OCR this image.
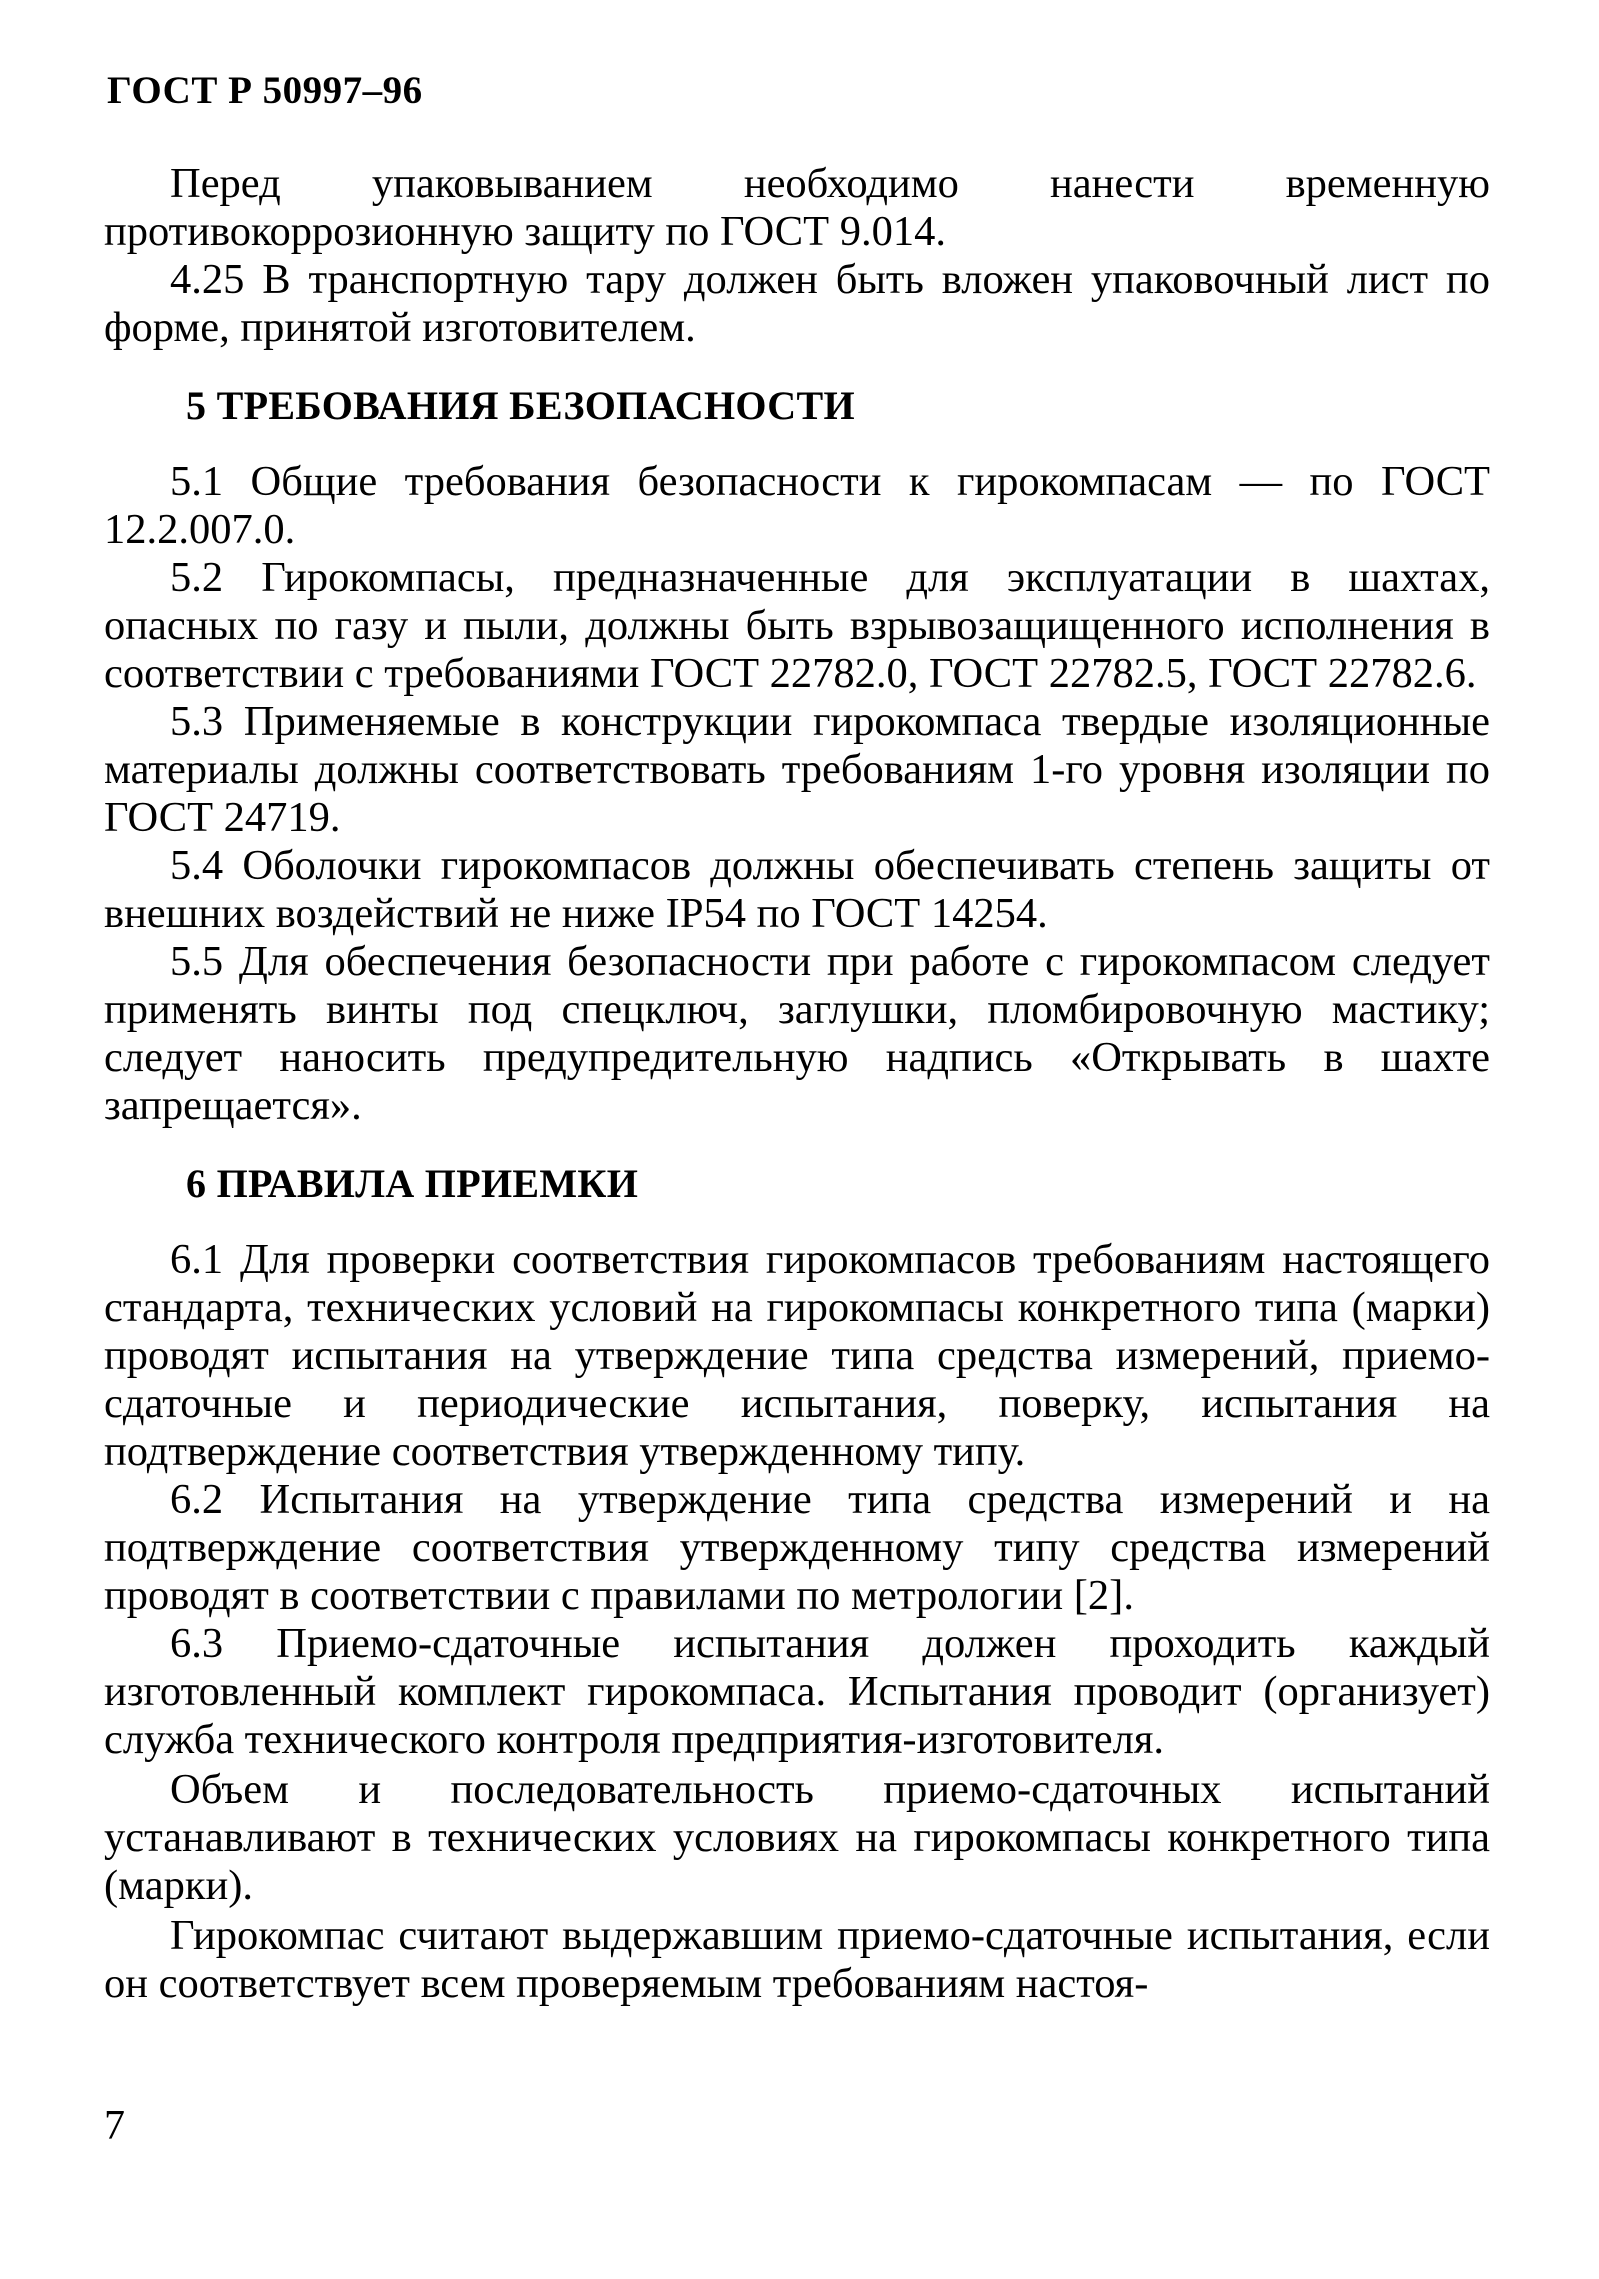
ГОСТ Р 50997–96

Перед упаковыванием необходимо нанести временную противокоррозионную защиту по ГОСТ 9.014.

4.25 В транспортную тару должен быть вложен упаковочный лист по форме, принятой изготовителем.

5 ТРЕБОВАНИЯ БЕЗОПАСНОСТИ

5.1 Общие требования безопасности к гирокомпасам — по ГОСТ 12.2.007.0.

5.2 Гирокомпасы, предназначенные для эксплуатации в шахтах, опасных по газу и пыли, должны быть взрывозащищенного исполнения в соответствии с требованиями ГОСТ 22782.0, ГОСТ 22782.5, ГОСТ 22782.6.

5.3 Применяемые в конструкции гирокомпаса твердые изоляционные материалы должны соответствовать требованиям 1-го уровня изоляции по ГОСТ 24719.

5.4 Оболочки гирокомпасов должны обеспечивать степень защиты от внешних воздействий не ниже IP54 по ГОСТ 14254.

5.5 Для обеспечения безопасности при работе с гирокомпасом следует применять винты под спецключ, заглушки, пломбировочную мастику; следует наносить предупредительную надпись «Открывать в шахте запрещается».

6 ПРАВИЛА ПРИЕМКИ

6.1 Для проверки соответствия гирокомпасов требованиям настоящего стандарта, технических условий на гирокомпасы конкретного типа (марки) проводят испытания на утверждение типа средства измерений, приемо-сдаточные и периодические испытания, поверку, испытания на подтверждение соответствия утвержденному типу.

6.2 Испытания на утверждение типа средства измерений и на подтверждение соответствия утвержденному типу средства измерений проводят в соответствии с правилами по метрологии [2].

6.3 Приемо-сдаточные испытания должен проходить каждый изготовленный комплект гирокомпаса. Испытания проводит (организует) служба технического контроля предприятия-изготовителя.

Объем и последовательность приемо-сдаточных испытаний устанавливают в технических условиях на гирокомпасы конкретного типа (марки).

Гирокомпас считают выдержавшим приемо-сдаточные испытания, если он соответствует всем проверяемым требованиям настоя-

7
